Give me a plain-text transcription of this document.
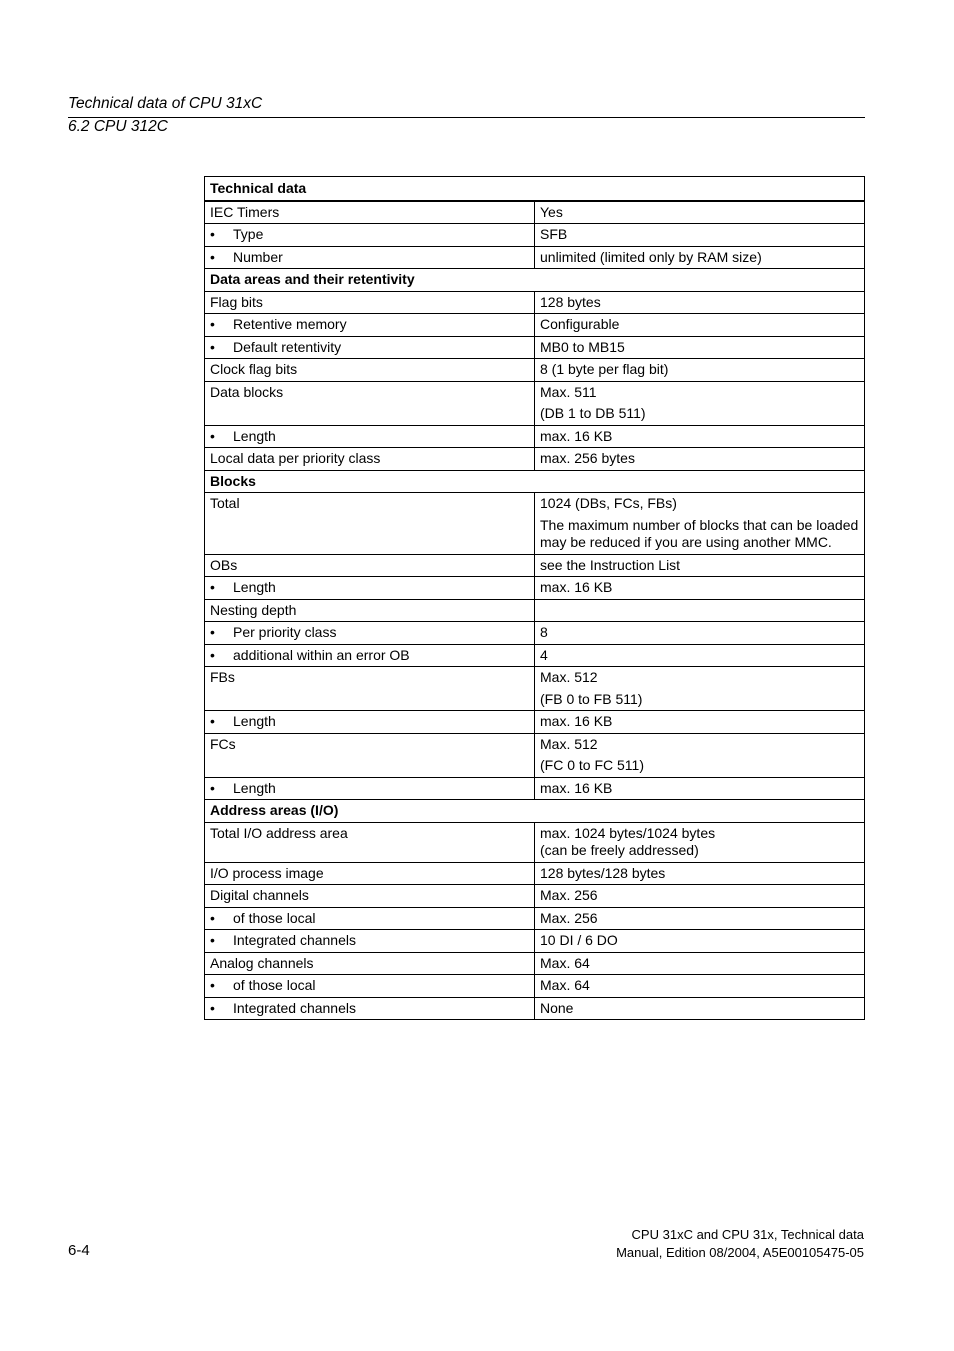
Technical data of CPU 31xC
6.2 CPU 312C
Technical data	
IEC Timers	Yes

• Type	SFB

• Number	unlimited (limited only by RAM size)

Data areas and their retentivity	
Flag bits	128 bytes

• Retentive memory	Configurable

• Default retentivity	MB0 to MB15

Clock flag bits	8 (1 byte per flag bit)

Data blocks	Max. 511
(DB 1 to DB 511)

• Length	max. 16 KB

Local data per priority class	max. 256 bytes

Blocks	
Total	1024 (DBs, FCs, FBs)
The maximum number of blocks that can be loaded may be reduced if you are using another MMC.

OBs	see the Instruction List

• Length	max. 16 KB

Nesting depth	

• Per priority class	8

• additional within an error OB	4

FBs	Max. 512
(FB 0 to FB 511)

• Length	max. 16 KB

FCs	Max. 512
(FC 0 to FC 511)

• Length	max. 16 KB

Address areas (I/O)	
Total I/O address area	max. 1024 bytes/1024 bytes
(can be freely addressed)

I/O process image	128 bytes/128 bytes

Digital channels	Max. 256

• of those local	Max. 256

• Integrated channels	10 DI / 6 DO

Analog channels	Max. 64

• of those local	Max. 64

• Integrated channels	None
6-4
CPU 31xC and CPU 31x, Technical data
Manual, Edition 08/2004, A5E00105475-05
